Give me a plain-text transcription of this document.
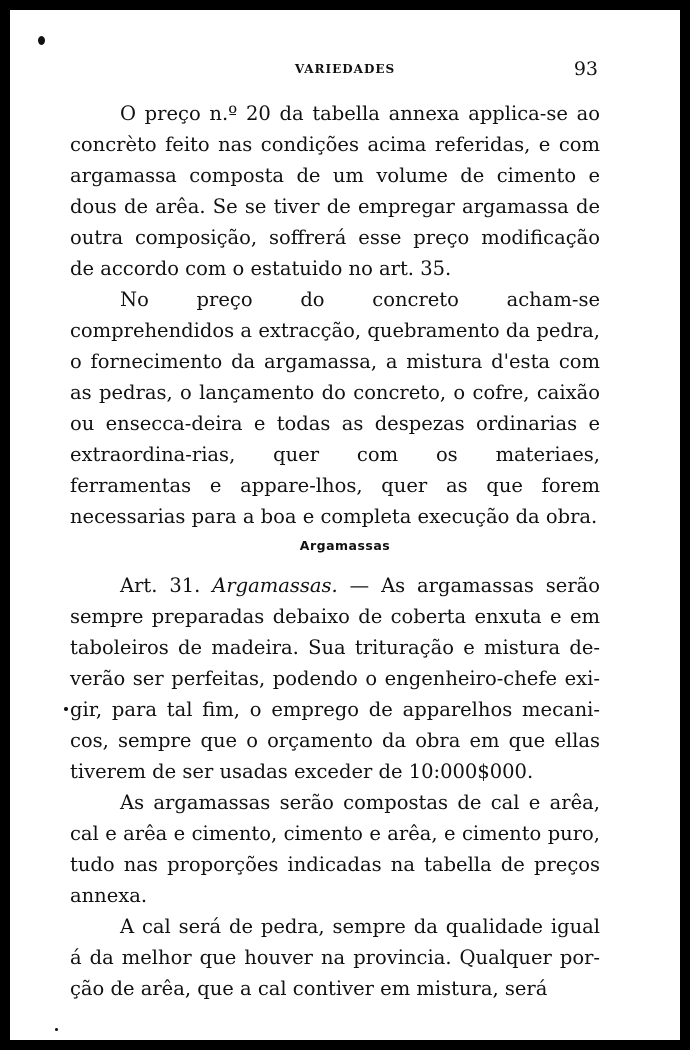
VARIEDADES	93

O preço n.º 20 da tabella annexa applica-se ao concrèto feito nas condições acima referidas, e com argamassa composta de um volume de cimento e dous de arêa. Se se tiver de empregar argamassa de outra composição, soffrerá esse preço modificação de accordo com o estatuido no art. 35.

No preço do concreto acham-se comprehendidos a extracção, quebramento da pedra, o fornecimento da argamassa, a mistura d'esta com as pedras, o lançamento do concreto, o cofre, caixão ou ensecca-deira e todas as despezas ordinarias e extraordina-rias, quer com os materiaes, ferramentas e appare-lhos, quer as que forem necessarias para a boa e completa execução da obra.

Argamassas

Art. 31. Argamassas. — As argamassas serão sempre preparadas debaixo de coberta enxuta e em taboleiros de madeira. Sua trituração e mistura de-verão ser perfeitas, podendo o engenheiro-chefe exi-gir, para tal fim, o emprego de apparelhos mecani-cos, sempre que o orçamento da obra em que ellas tiverem de ser usadas exceder de 10:000$000.

As argamassas serão compostas de cal e arêa, cal e arêa e cimento, cimento e arêa, e cimento puro, tudo nas proporções indicadas na tabella de preços annexa.

A cal será de pedra, sempre da qualidade igual á da melhor que houver na provincia. Qualquer por-ção de arêa, que a cal contiver em mistura, será
